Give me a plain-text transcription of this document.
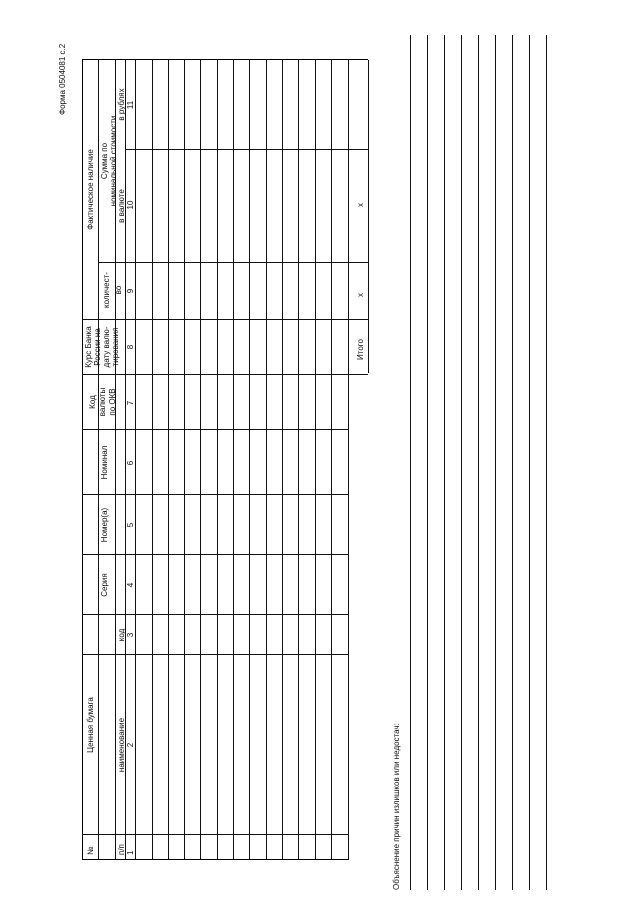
Форма 0504081 с.2
№	п/п
Ценная бумага	наименование
код
Серия
Номер(а)
Номинал
Код валюты по ОКВ
Курс Банка России на дату валю- тирования
Фактическое наличие
количест- во
Сумма по номинальной стоимости в валюте
в рублях
1
2
3
4
5
6
7
8
9
10
11
Итого
x
x
Объяснение причин излишков или недостач:
